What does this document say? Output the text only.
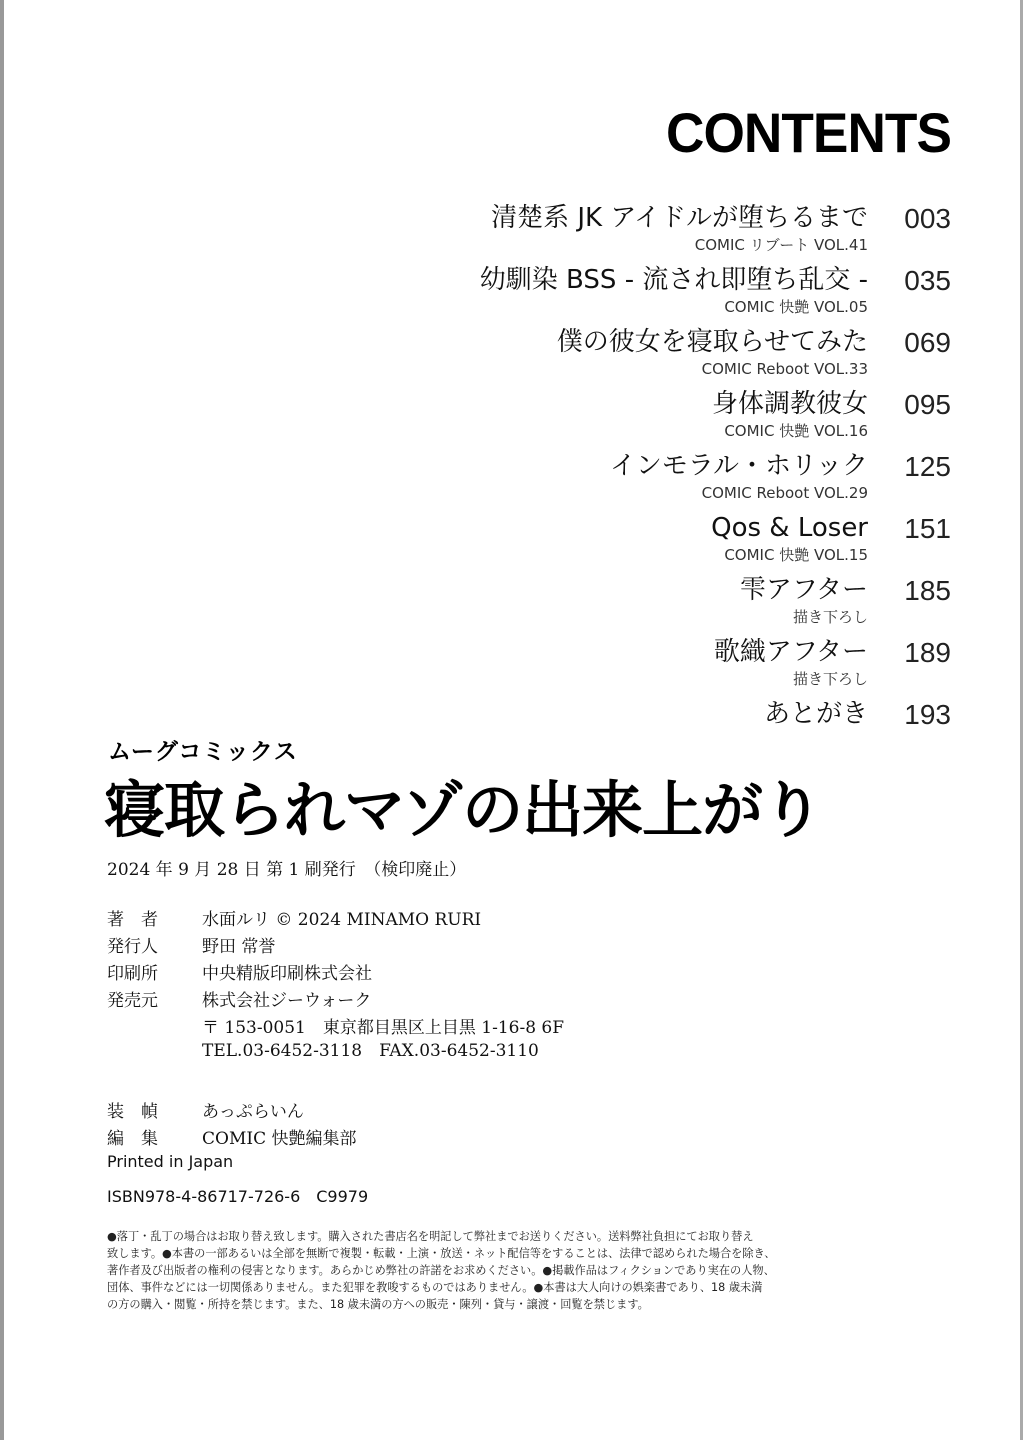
CONTENTS
清楚系 JK アイドルが堕ちるまで	003
COMIC リブート VOL.41
幼馴染 BSS - 流され即堕ち乱交 -	035
COMIC 快艶 VOL.05
僕の彼女を寝取らせてみた	069
COMIC Reboot VOL.33
身体調教彼女	095
COMIC 快艶 VOL.16
インモラル・ホリック	125
COMIC Reboot VOL.29
Qos & Loser	151
COMIC 快艶 VOL.15
雫アフター	185
描き下ろし
歌織アフター	189
描き下ろし
あとがき	193
ムーグコミックス
寝取られマゾの出来上がり
2024 年 9 月 28 日 第 1 刷発行　（検印廃止）
著　者	水面ルリ © 2024 MINAMO RURI
発行人	野田 常誉
印刷所	中央精版印刷株式会社
発売元	株式会社ジーウォーク
〒 153-0051　東京都目黒区上目黒 1-16-8 6F
TEL.03-6452-3118　FAX.03-6452-3110
装　幀	あっぷらいん
編　集	COMIC 快艶編集部
Printed in Japan
ISBN978-4-86717-726-6　C9979

●落丁・乱丁の場合はお取り替え致します。購入された書店名を明記して弊社までお送りください。送料弊社負担にてお取り替え

致します。●本書の一部あるいは全部を無断で複製・転載・上演・放送・ネット配信等をすることは、法律で認められた場合を除き、

著作者及び出版者の権利の侵害となります。あらかじめ弊社の許諾をお求めください。●掲載作品はフィクションであり実在の人物、

団体、事件などには一切関係ありません。また犯罪を教唆するものではありません。●本書は大人向けの娯楽書であり、18 歳未満

の方の購入・閲覧・所持を禁じます。また、18 歳未満の方への販売・陳列・貸与・譲渡・回覧を禁じます。
